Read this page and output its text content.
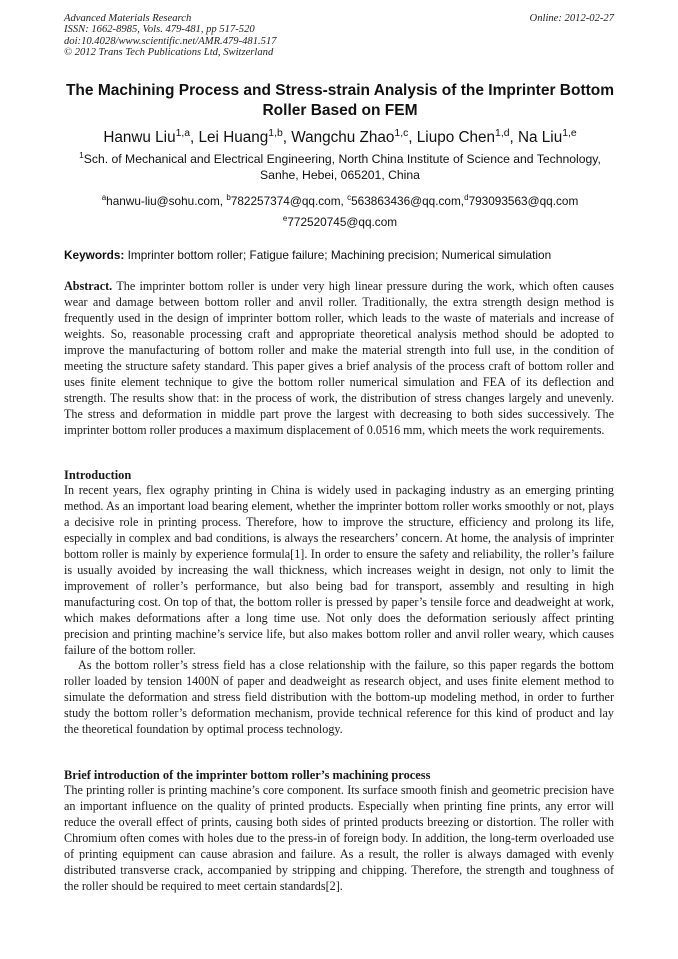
Advanced Materials Research
ISSN: 1662-8985, Vols. 479-481, pp 517-520
doi:10.4028/www.scientific.net/AMR.479-481.517
© 2012 Trans Tech Publications Ltd, Switzerland
Online: 2012-02-27
The Machining Process and Stress-strain Analysis of the Imprinter Bottom Roller Based on FEM
Hanwu Liu$^{1,a}$, Lei Huang$^{1,b}$, Wangchu Zhao$^{1,c}$, Liupo Chen$^{1,d}$, Na Liu$^{1,e}$
$^1$Sch. of Mechanical and Electrical Engineering, North China Institute of Science and Technology,
Sanhe, Hebei, 065201, China
$^a$hanwu-liu@sohu.com, $^b$782257374@qq.com, $^c$563863436@qq.com,$^d$793093563@qq.com
$^e$772520745@qq.com
Keywords: Imprinter bottom roller; Fatigue failure; Machining precision; Numerical simulation

Abstract. The imprinter bottom roller is under very high linear pressure during the work, which often causes wear and damage between bottom roller and anvil roller. Traditionally, the extra strength design method is frequently used in the design of imprinter bottom roller, which leads to the waste of materials and increase of weights. So, reasonable processing craft and appropriate theoretical analysis method should be adopted to improve the manufacturing of bottom roller and make the material strength into full use, in the condition of meeting the structure safety standard. This paper gives a brief analysis of the process craft of bottom roller and uses finite element technique to give the bottom roller numerical simulation and FEA of its deflection and strength. The results show that: in the process of work, the distribution of stress changes largely and unevenly. The stress and deformation in middle part prove the largest with decreasing to both sides successively. The imprinter bottom roller produces a maximum displacement of 0.0516 mm, which meets the work requirements.

Introduction

In recent years, flex ography printing in China is widely used in packaging industry as an emerging printing method. As an important load bearing element, whether the imprinter bottom roller works smoothly or not, plays a decisive role in printing process. Therefore, how to improve the structure, efficiency and prolong its life, especially in complex and bad conditions, is always the researchers’ concern. At home, the analysis of imprinter bottom roller is mainly by experience formula[1]. In order to ensure the safety and reliability, the roller’s failure is usually avoided by increasing the wall thickness, which increases weight in design, not only to limit the improvement of roller’s performance, but also being bad for transport, assembly and resulting in high manufacturing cost. On top of that, the bottom roller is pressed by paper’s tensile force and deadweight at work, which makes deformations after a long time use. Not only does the deformation seriously affect printing precision and printing machine’s service life, but also makes bottom roller and anvil roller weary, which causes failure of the bottom roller.

As the bottom roller’s stress field has a close relationship with the failure, so this paper regards the bottom roller loaded by tension 1400N of paper and deadweight as research object, and uses finite element method to simulate the deformation and stress field distribution with the bottom-up modeling method, in order to further study the bottom roller’s deformation mechanism, provide technical reference for this kind of product and lay the theoretical foundation by optimal process technology.

Brief introduction of the imprinter bottom roller’s machining process

The printing roller is printing machine’s core component. Its surface smooth finish and geometric precision have an important influence on the quality of printed products. Especially when printing fine prints, any error will reduce the overall effect of prints, causing both sides of printed products breezing or distortion. The roller with Chromium often comes with holes due to the press-in of foreign body. In addition, the long-term overloaded use of printing equipment can cause abrasion and failure. As a result, the roller is always damaged with evenly distributed transverse crack, accompanied by stripping and chipping. Therefore, the strength and toughness of the roller should be required to meet certain standards[2].
